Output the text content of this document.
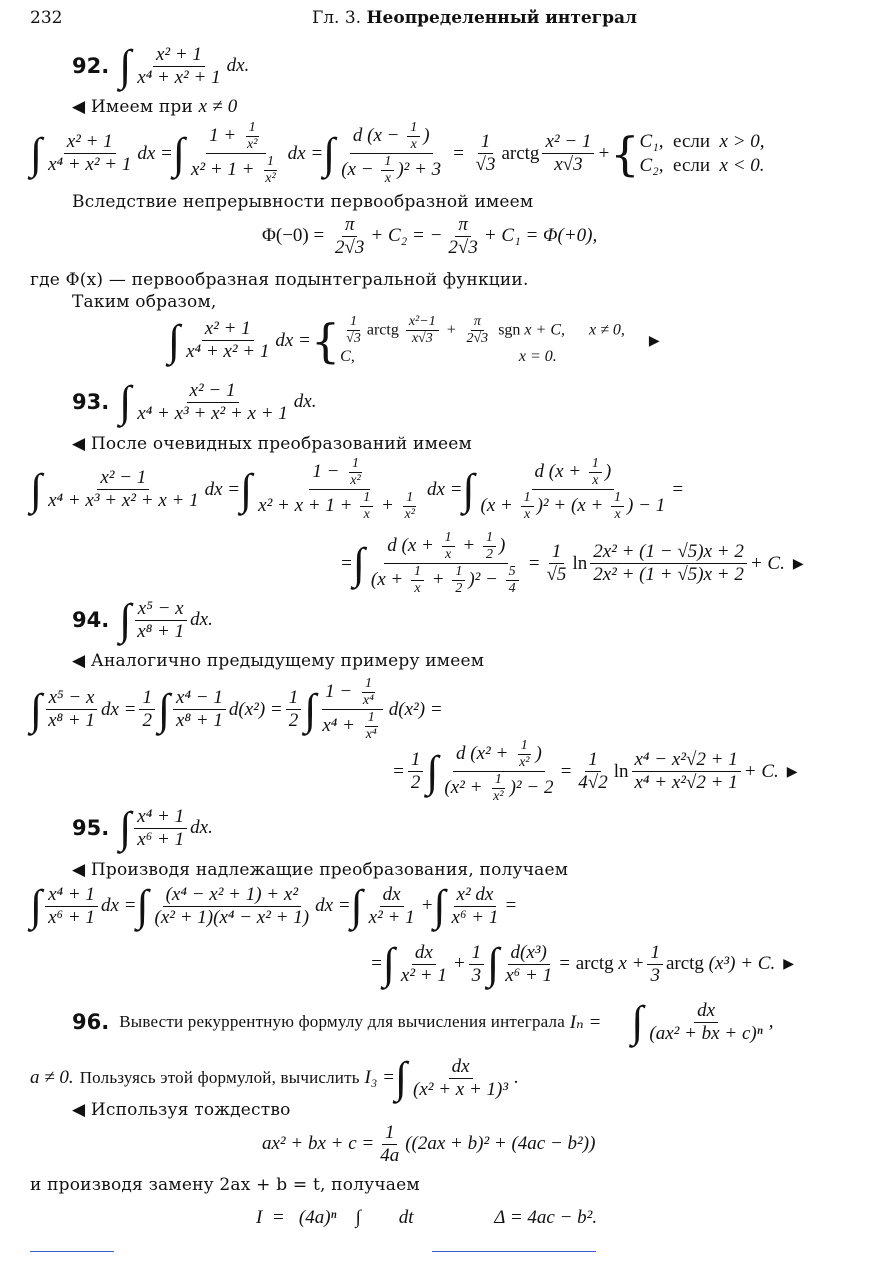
232	Гл. 3. Неопределенный интеграл
92. ∫ $\frac{\text{x² + 1}}{\text{x⁴ + x² + 1}}$ dx.
◀ Имеем при x ≠ 0
∫ $\frac{\text{x² + 1}}{\text{x⁴ + x² + 1}}$ dx = ∫ $\frac{1 + \frac{1}{\text{x²}}}{x^2 + 1 + \frac{1}{\text{x²}}}$ dx = ∫ $\frac{d (x - \frac{1}{x} )}{(x - \frac{1}{x} )^2 + 3} = \frac{1}{√3}$ arctg $\frac{\text{x² − 1}}{x√3}$ + { C₁,  если  x > 0,
C₂,  если  x < 0.
Вследствие непрерывности первообразной имеем
$\Phi(-0) = \frac{\pi}{2√3} + C_2$ = − $\frac{\pi}{2√3} + C_1 = \Phi(+0)$,
где Φ(x) — первообразная подынтегральной функции.
Таким образом,
∫ $\frac{\text{x² + 1}}{\text{x⁴ + x² + 1}}$ dx = { $\frac{1}{√3}$ arctg $\frac{\text{x²−1}}{x√3} + \frac{\pi}{2√3}$ sgn x + C,      x ≠ 0,
C,                                         x = 0.
▶
93. ∫ $\frac{\text{x² − 1}}{\text{x⁴ + x³ + x² + x + 1}}$ dx.
◀ После очевидных преобразований имеем
∫ $\frac{\text{x² − 1}}{\text{x⁴ + x³ + x² + x + 1}}$ dx = ∫ $\frac{1 - \frac{1}{\text{x²}}}{x^2 + x + 1 + \frac{1}{x} + \frac{1}{\text{x²}}}$ dx = ∫ $\frac{d (x + \frac{1}{x} )}{(x + \frac{1}{x} )^2 + (x + \frac{1}{x} ) - 1}$ =
= ∫ $\frac{d (x + \frac{1}{x} + \frac{1}{2} )}{(x + \frac{1}{x} + \frac{1}{2} )^2 - \frac{5}{4}} = \frac{1}{√5}$ $\ln \frac{\text{2x² + (1 − √5)x + 2}}{\text{2x² + (1 + √5)x + 2}} + C$. ▶
94. ∫ $\frac{\text{x⁵ − x}}{\text{x⁸ + 1}}$ dx.
◀ Аналогично предыдущему примеру имеем
∫ $\frac{\text{x⁵ − x}}{\text{x⁸ + 1}}$ dx = $\frac{1}{2}$ ∫ $\frac{\text{x⁴ − 1}}{\text{x⁸ + 1}} d(x^2) = \frac{1}{2}$ ∫ $\frac{1 - \frac{1}{\text{x⁴}}}{x^4 + \frac{1}{\text{x⁴}}} d(x^2)$ =
= $\frac{1}{2}$ ∫ $\frac{d (x^2 + \frac{1}{\text{x²}} )}{(x^2 + \frac{1}{\text{x²}} )^2 - 2} = \frac{1}{4√2}$ $\ln \frac{\text{x⁴ − x²√2 + 1}}{\text{x⁴ + x²√2 + 1}} + C$. ▶
95. ∫ $\frac{\text{x⁴ + 1}}{\text{x⁶ + 1}}$ dx.
◀ Производя надлежащие преобразования, получаем
∫ $\frac{\text{x⁴ + 1}}{\text{x⁶ + 1}}$ dx = ∫ $\frac{\text{(x⁴ − x² + 1) + x²}}{\text{(x² + 1)(x⁴ − x² + 1)}}$ dx = ∫ $\frac{dx}{\text{x² + 1}}$ + ∫ $\frac{\text{x² dx}}{\text{x⁶ + 1}}$ =
= ∫ $\frac{dx}{\text{x² + 1}} + \frac{1}{3}$ ∫ $\frac{\text{d(x³)}}{\text{x⁶ + 1}}$ = arctg $x + \frac{1}{3}$ arctg (x³) + C. ▶
96. Вывести рекуррентную формулу для вычисления интеграла Iₙ = ∫ $\frac{dx}{\text{(ax² + bx + c)ⁿ}}$ ,
a ≠ 0. Пользуясь этой формулой, вычислить I₃ = ∫ $\frac{dx}{\text{(x² + x + 1)³}}$ .
◀ Используя тождество
ax² + bx + $c = \frac{1}{4a} ((2ax + b)^2 + (4ac - b^2))$
и производя замену 2ax + b = t, получаем
I  =   (4a)ⁿ    ∫        dt                 Δ = 4ac − b².
